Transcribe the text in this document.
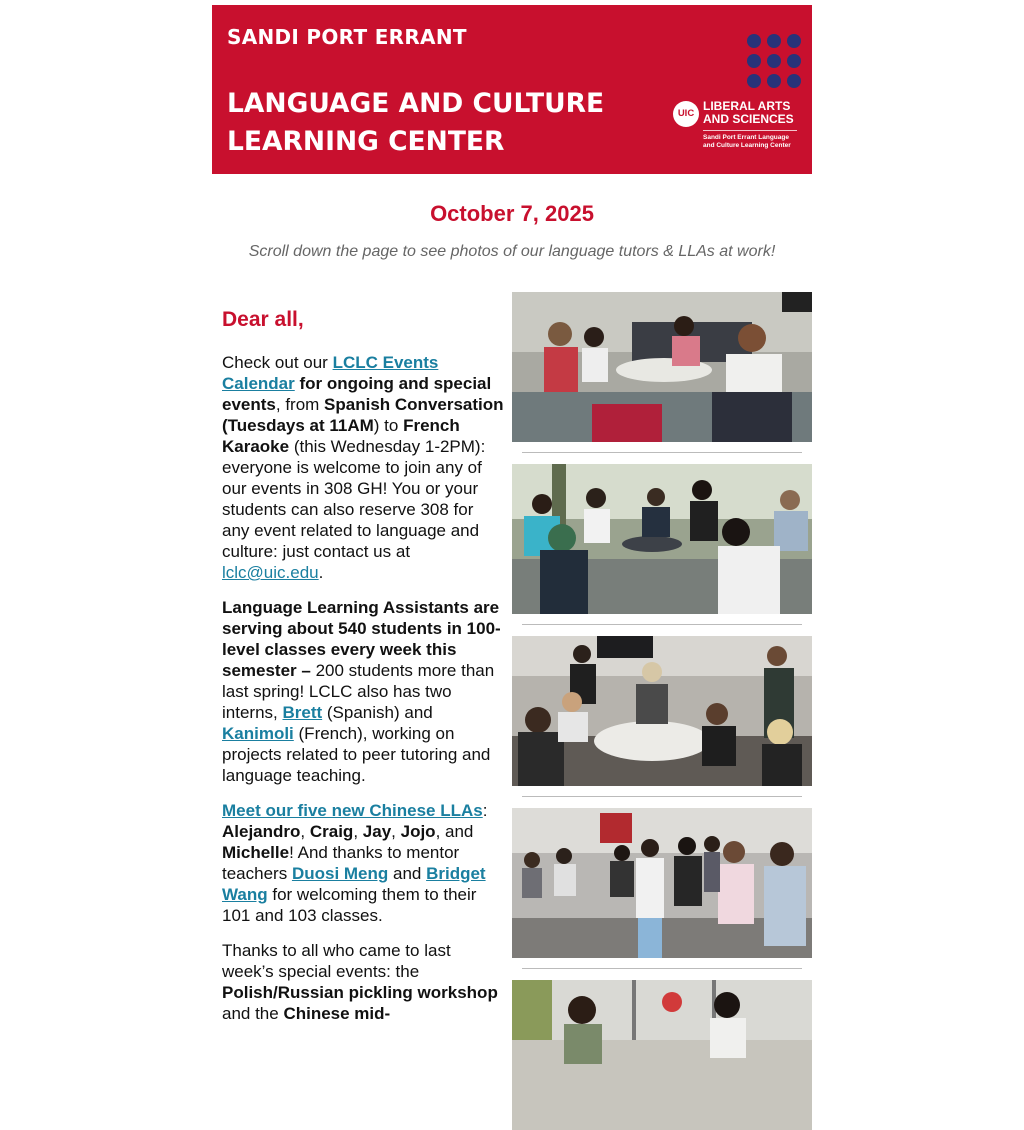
SANDI PORT ERRANT
LANGUAGE AND CULTURE
LEARNING CENTER
UIC
LIBERAL ARTS
AND SCIENCES
Sandi Port Errant Language
and Culture Learning Center
October 7, 2025
Scroll down the page to see photos of our language tutors & LLAs at work!

Dear all,

Check out our LCLC Events Calendar for ongoing and special events, from Spanish Conversation (Tuesdays at 11AM) to French Karaoke (this Wednesday 1-2PM): everyone is welcome to join any of our events in 308 GH! You or your students can also reserve 308 for any event related to language and culture: just contact us at lclc@uic.edu.

Language Learning Assistants are serving about 540 students in 100-level classes every week this semester – 200 students more than last spring! LCLC also has two interns, Brett (Spanish) and Kanimoli (French), working on projects related to peer tutoring and language teaching.

Meet our five new Chinese LLAs: Alejandro, Craig, Jay, Jojo, and Michelle! And thanks to mentor teachers Duosi Meng and Bridget Wang for welcoming them to their 101 and 103 classes.

Thanks to all who came to last week’s special events: the Polish/Russian pickling workshop and the Chinese mid-
